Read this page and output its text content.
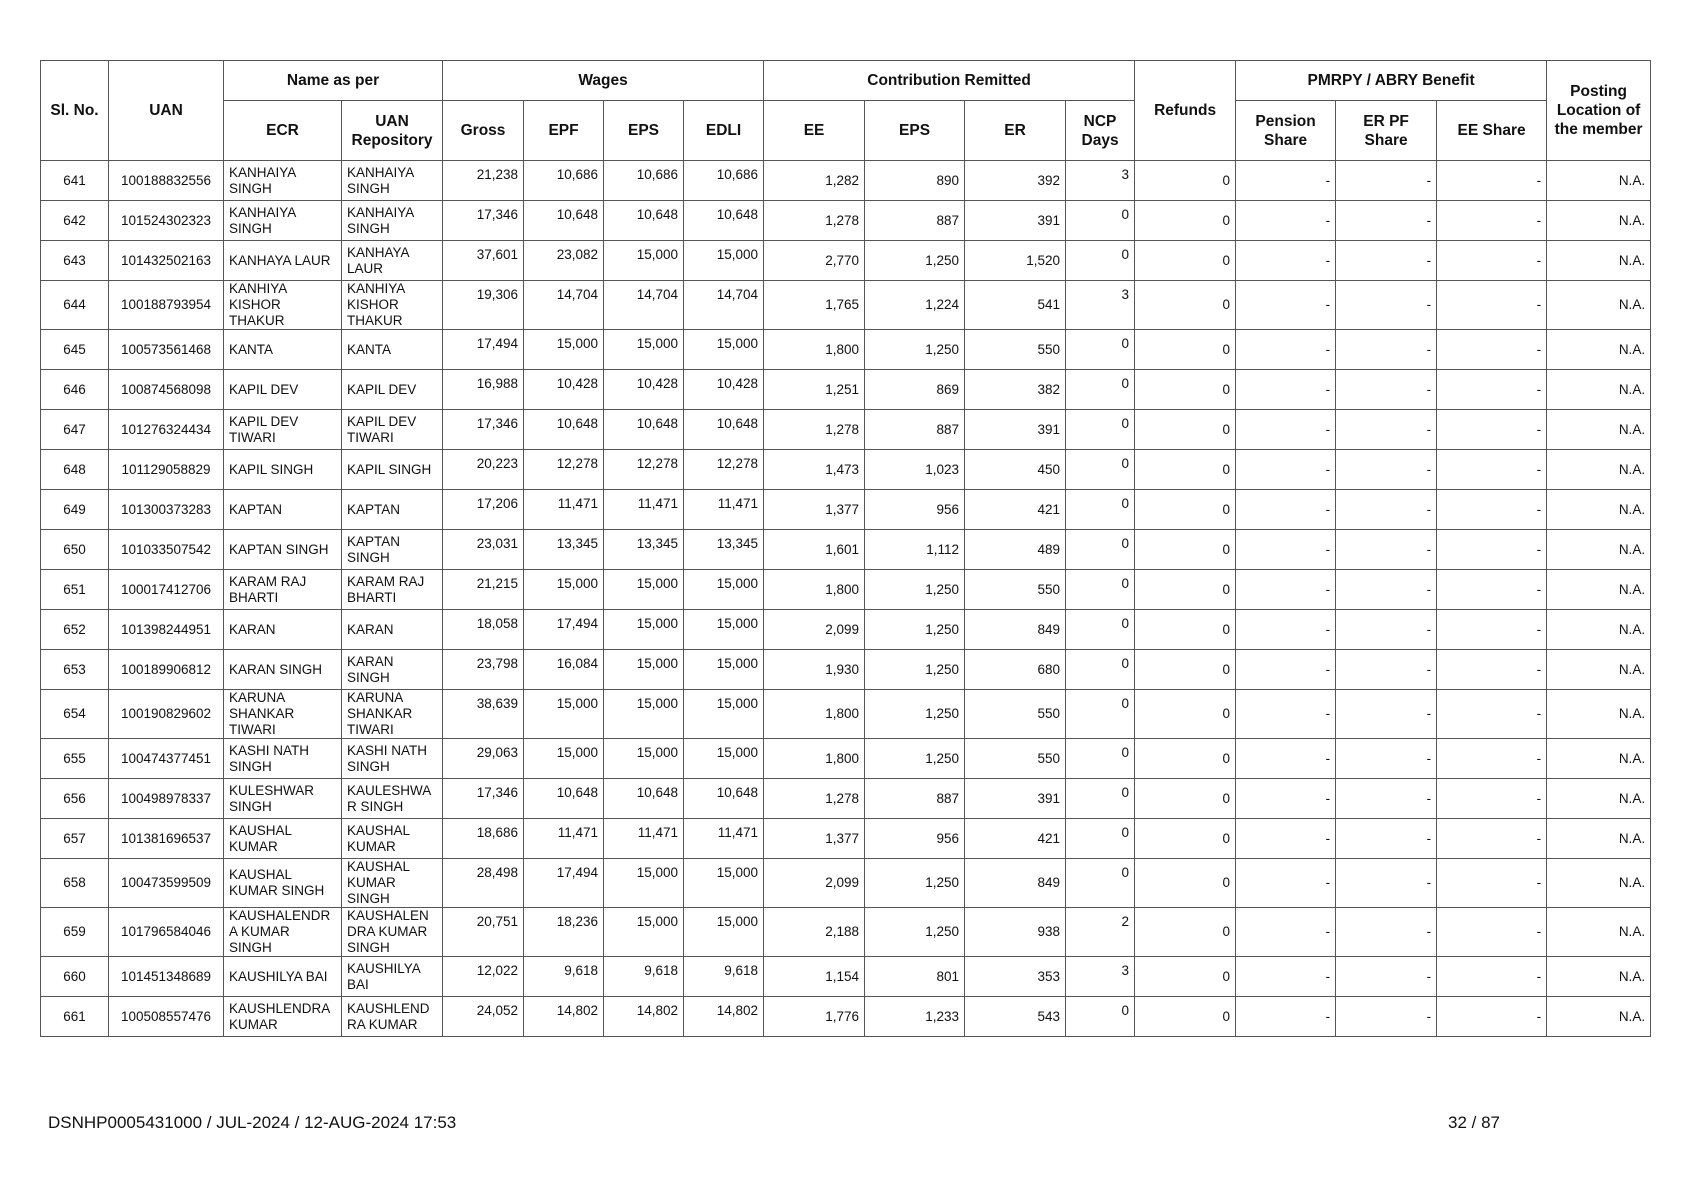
Sl. No.	UAN	Name as per		Wages				Contribution Remitted				Refunds	PMRPY / ABRY Benefit			Posting Location of the member
		ECR	UAN Repository	Gross	EPF	EPS	EDLI	EE	EPS	ER	NCP Days		Pension Share	ER PF Share	EE Share	
641	100188832556	KANHAIYA SINGH	KANHAIYA SINGH	21,238	10,686	10,686	10,686	1,282	890	392	3	0	-	-	-	N.A.
642	101524302323	KANHAIYA SINGH	KANHAIYA SINGH	17,346	10,648	10,648	10,648	1,278	887	391	0	0	-	-	-	N.A.
643	101432502163	KANHAYA LAUR	KANHAYA LAUR	37,601	23,082	15,000	15,000	2,770	1,250	1,520	0	0	-	-	-	N.A.
644	100188793954	KANHIYA KISHOR THAKUR	KANHIYA KISHOR THAKUR	19,306	14,704	14,704	14,704	1,765	1,224	541	3	0	-	-	-	N.A.
645	100573561468	KANTA	KANTA	17,494	15,000	15,000	15,000	1,800	1,250	550	0	0	-	-	-	N.A.
646	100874568098	KAPIL DEV	KAPIL DEV	16,988	10,428	10,428	10,428	1,251	869	382	0	0	-	-	-	N.A.
647	101276324434	KAPIL DEV TIWARI	KAPIL DEV TIWARI	17,346	10,648	10,648	10,648	1,278	887	391	0	0	-	-	-	N.A.
648	101129058829	KAPIL SINGH	KAPIL SINGH	20,223	12,278	12,278	12,278	1,473	1,023	450	0	0	-	-	-	N.A.
649	101300373283	KAPTAN	KAPTAN	17,206	11,471	11,471	11,471	1,377	956	421	0	0	-	-	-	N.A.
650	101033507542	KAPTAN SINGH	KAPTAN SINGH	23,031	13,345	13,345	13,345	1,601	1,112	489	0	0	-	-	-	N.A.
651	100017412706	KARAM RAJ BHARTI	KARAM RAJ BHARTI	21,215	15,000	15,000	15,000	1,800	1,250	550	0	0	-	-	-	N.A.
652	101398244951	KARAN	KARAN	18,058	17,494	15,000	15,000	2,099	1,250	849	0	0	-	-	-	N.A.
653	100189906812	KARAN SINGH	KARAN SINGH	23,798	16,084	15,000	15,000	1,930	1,250	680	0	0	-	-	-	N.A.
654	100190829602	KARUNA SHANKAR TIWARI	KARUNA SHANKAR TIWARI	38,639	15,000	15,000	15,000	1,800	1,250	550	0	0	-	-	-	N.A.
655	100474377451	KASHI NATH SINGH	KASHI NATH SINGH	29,063	15,000	15,000	15,000	1,800	1,250	550	0	0	-	-	-	N.A.
656	100498978337	KULESHWAR SINGH	KAULESHWA R SINGH	17,346	10,648	10,648	10,648	1,278	887	391	0	0	-	-	-	N.A.
657	101381696537	KAUSHAL KUMAR	KAUSHAL KUMAR	18,686	11,471	11,471	11,471	1,377	956	421	0	0	-	-	-	N.A.
658	100473599509	KAUSHAL KUMAR SINGH	KAUSHAL KUMAR SINGH	28,498	17,494	15,000	15,000	2,099	1,250	849	0	0	-	-	-	N.A.
659	101796584046	KAUSHALENDR A KUMAR SINGH	KAUSHALEN DRA KUMAR SINGH	20,751	18,236	15,000	15,000	2,188	1,250	938	2	0	-	-	-	N.A.
660	101451348689	KAUSHILYA BAI	KAUSHILYA BAI	12,022	9,618	9,618	9,618	1,154	801	353	3	0	-	-	-	N.A.
661	100508557476	KAUSHLENDRA KUMAR	KAUSHLEND RA KUMAR	24,052	14,802	14,802	14,802	1,776	1,233	543	0	0	-	-	-	N.A.
DSNHP0005431000 / JUL-2024 / 12-AUG-2024 17:53	32 / 87
